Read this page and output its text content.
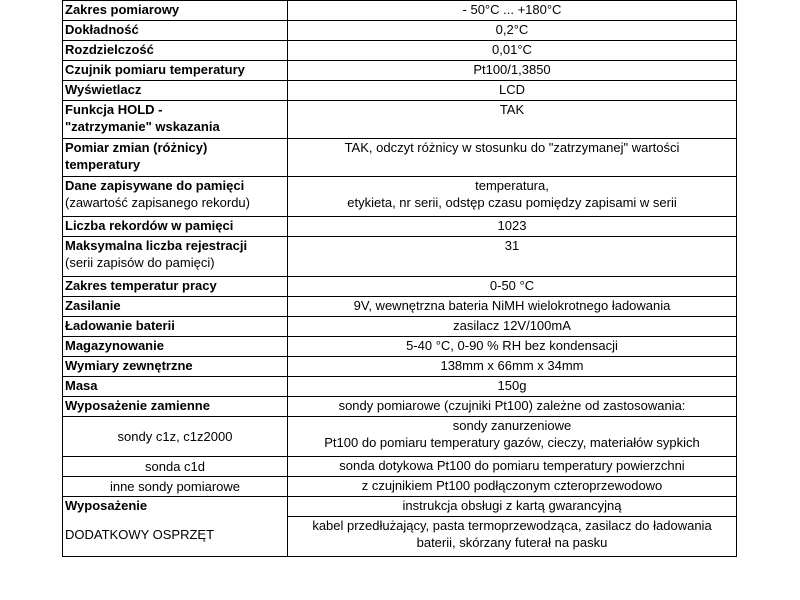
Zakres pomiarowy	- 50°C ... +180°C

Dokładność	0,2°C

Rozdzielczość	0,01°C

Czujnik pomiaru temperatury	Pt100/1,3850

Wyświetlacz	LCD

Funkcja HOLD -
"zatrzymanie" wskazania	TAK

Pomiar zmian (różnicy)
temperatury	TAK, odczyt różnicy w stosunku do "zatrzymanej" wartości

Dane zapisywane do pamięci
(zawartość zapisanego rekordu)	temperatura,
etykieta, nr serii, odstęp czasu pomiędzy zapisami w serii

Liczba rekordów w pamięci	1023

Maksymalna liczba rejestracji
(serii zapisów do pamięci)	31

Zakres temperatur pracy	0-50 °C

Zasilanie	9V, wewnętrzna bateria NiMH wielokrotnego ładowania

Ładowanie baterii	zasilacz 12V/100mA

Magazynowanie	5-40 °C, 0-90 % RH bez kondensacji

Wymiary zewnętrzne	138mm x 66mm x 34mm

Masa	150g

Wyposażenie zamienne	sondy pomiarowe (czujniki Pt100) zależne od zastosowania:

sondy c1z, c1z2000	sondy zanurzeniowe
Pt100 do pomiaru temperatury gazów, cieczy, materiałów sypkich

sonda c1d	sonda dotykowa Pt100 do pomiaru temperatury powierzchni

inne sondy pomiarowe	z czujnikiem Pt100 podłączonym czteroprzewodowo

Wyposażenie
DODATKOWY OSPRZĘT	instrukcja obsługi z kartą gwarancyjną

	kabel przedłużający, pasta termoprzewodząca, zasilacz do ładowania
baterii, skórzany futerał na pasku
